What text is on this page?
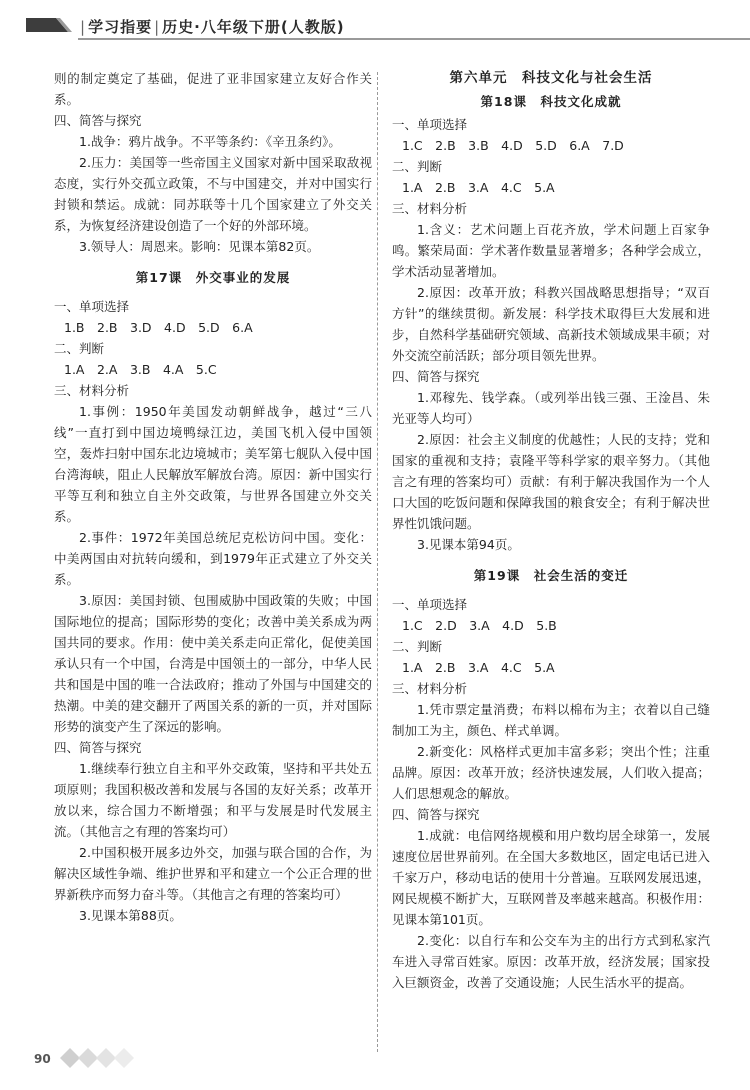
| 学习指要 | 历史·八年级下册(人教版)
则的制定奠定了基础，促进了亚非国家建立友好合作关系。
四、简答与探究
1.战争：鸦片战争。不平等条约：《辛丑条约》。
2.压力：美国等一些帝国主义国家对新中国采取敌视态度，实行外交孤立政策，不与中国建交，并对中国实行封锁和禁运。成就：同苏联等十几个国家建立了外交关系，为恢复经济建设创造了一个好的外部环境。
3.领导人：周恩来。影响：见课本第82页。
第17课　外交事业的发展
一、单项选择
1.B　2.B　3.D　4.D　5.D　6.A
二、判断
1.A　2.A　3.B　4.A　5.C
三、材料分析
1.事例：1950年美国发动朝鲜战争，越过“三八线”一直打到中国边境鸭绿江边，美国飞机入侵中国领空，轰炸扫射中国东北边境城市；美军第七舰队入侵中国台湾海峡，阻止人民解放军解放台湾。原因：新中国实行平等互利和独立自主外交政策，与世界各国建立外交关系。
2.事件：1972年美国总统尼克松访问中国。变化：中美两国由对抗转向缓和，到1979年正式建立了外交关系。
3.原因：美国封锁、包围威胁中国政策的失败；中国国际地位的提高；国际形势的变化；改善中美关系成为两国共同的要求。作用：使中美关系走向正常化，促使美国承认只有一个中国，台湾是中国领土的一部分，中华人民共和国是中国的唯一合法政府；推动了外国与中国建交的热潮。中美的建交翻开了两国关系的新的一页，并对国际形势的演变产生了深远的影响。
四、简答与探究
1.继续奉行独立自主和平外交政策，坚持和平共处五项原则；我国积极改善和发展与各国的友好关系；改革开放以来，综合国力不断增强；和平与发展是时代发展主流。（其他言之有理的答案均可）
2.中国积极开展多边外交，加强与联合国的合作，为解决区域性争端、维护世界和平和建立一个公正合理的世界新秩序而努力奋斗等。（其他言之有理的答案均可）
3.见课本第88页。
第六单元　科技文化与社会生活
第18课　科技文化成就
一、单项选择
1.C　2.B　3.B　4.D　5.D　6.A　7.D
二、判断
1.A　2.B　3.A　4.C　5.A
三、材料分析
1.含义：艺术问题上百花齐放，学术问题上百家争鸣。繁荣局面：学术著作数量显著增多；各种学会成立，学术活动显著增加。
2.原因：改革开放；科教兴国战略思想指导；“双百方针”的继续贯彻。新发展：科学技术取得巨大发展和进步，自然科学基础研究领域、高新技术领域成果丰硕；对外交流空前活跃；部分项目领先世界。
四、简答与探究
1.邓稼先、钱学森。（或列举出钱三强、王淦昌、朱光亚等人均可）
2.原因：社会主义制度的优越性；人民的支持；党和国家的重视和支持；袁隆平等科学家的艰辛努力。（其他言之有理的答案均可）贡献：有利于解决我国作为一个人口大国的吃饭问题和保障我国的粮食安全；有利于解决世界性饥饿问题。
3.见课本第94页。
第19课　社会生活的变迁
一、单项选择
1.C　2.D　3.A　4.D　5.B
二、判断
1.A　2.B　3.A　4.C　5.A
三、材料分析
1.凭市票定量消费；布料以棉布为主；衣着以自己缝制加工为主，颜色、样式单调。
2.新变化：风格样式更加丰富多彩；突出个性；注重品牌。原因：改革开放；经济快速发展，人们收入提高；人们思想观念的解放。
四、简答与探究
1.成就：电信网络规模和用户数均居全球第一，发展速度位居世界前列。在全国大多数地区，固定电话已进入千家万户，移动电话的使用十分普遍。互联网发展迅速，网民规模不断扩大，互联网普及率越来越高。积极作用：见课本第101页。
2.变化：以自行车和公交车为主的出行方式到私家汽车进入寻常百姓家。原因：改革开放，经济发展；国家投入巨额资金，改善了交通设施；人民生活水平的提高。
90
